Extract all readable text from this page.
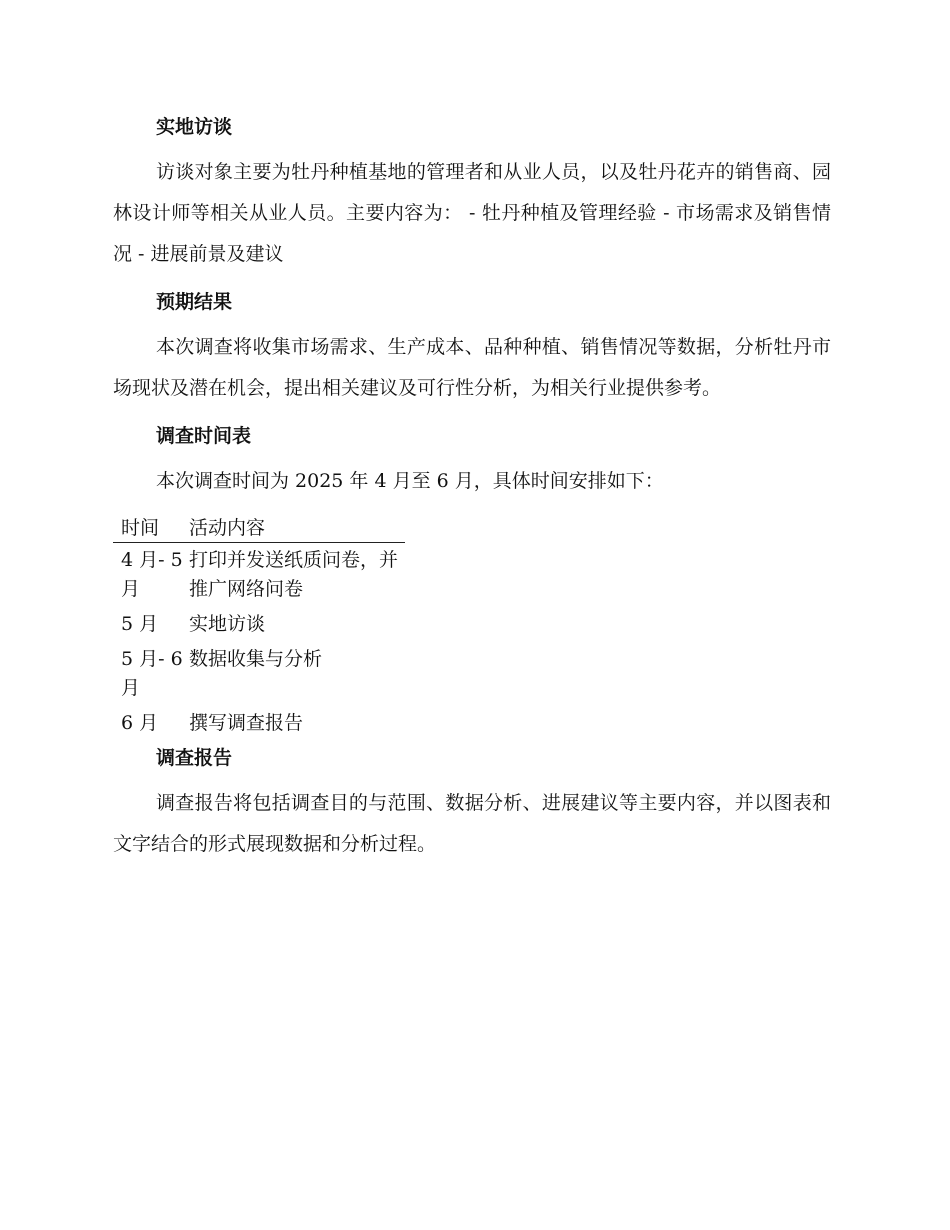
实地访谈

访谈对象主要为牡丹种植基地的管理者和从业人员，以及牡丹花卉的销售商、园林设计师等相关从业人员。主要内容为： - 牡丹种植及管理经验 - 市场需求及销售情况 - 进展前景及建议

预期结果

本次调查将收集市场需求、生产成本、品种种植、销售情况等数据，分析牡丹市场现状及潜在机会，提出相关建议及可行性分析，为相关行业提供参考。

调查时间表

本次调查时间为 2025 年 4 月至 6 月，具体时间安排如下：

时间	活动内容
4 月- 5 月	打印并发送纸质问卷，并推广网络问卷
5 月	实地访谈
5 月- 6 月	数据收集与分析
6 月	撰写调查报告
调查报告

调查报告将包括调查目的与范围、数据分析、进展建议等主要内容，并以图表和文字结合的形式展现数据和分析过程。
